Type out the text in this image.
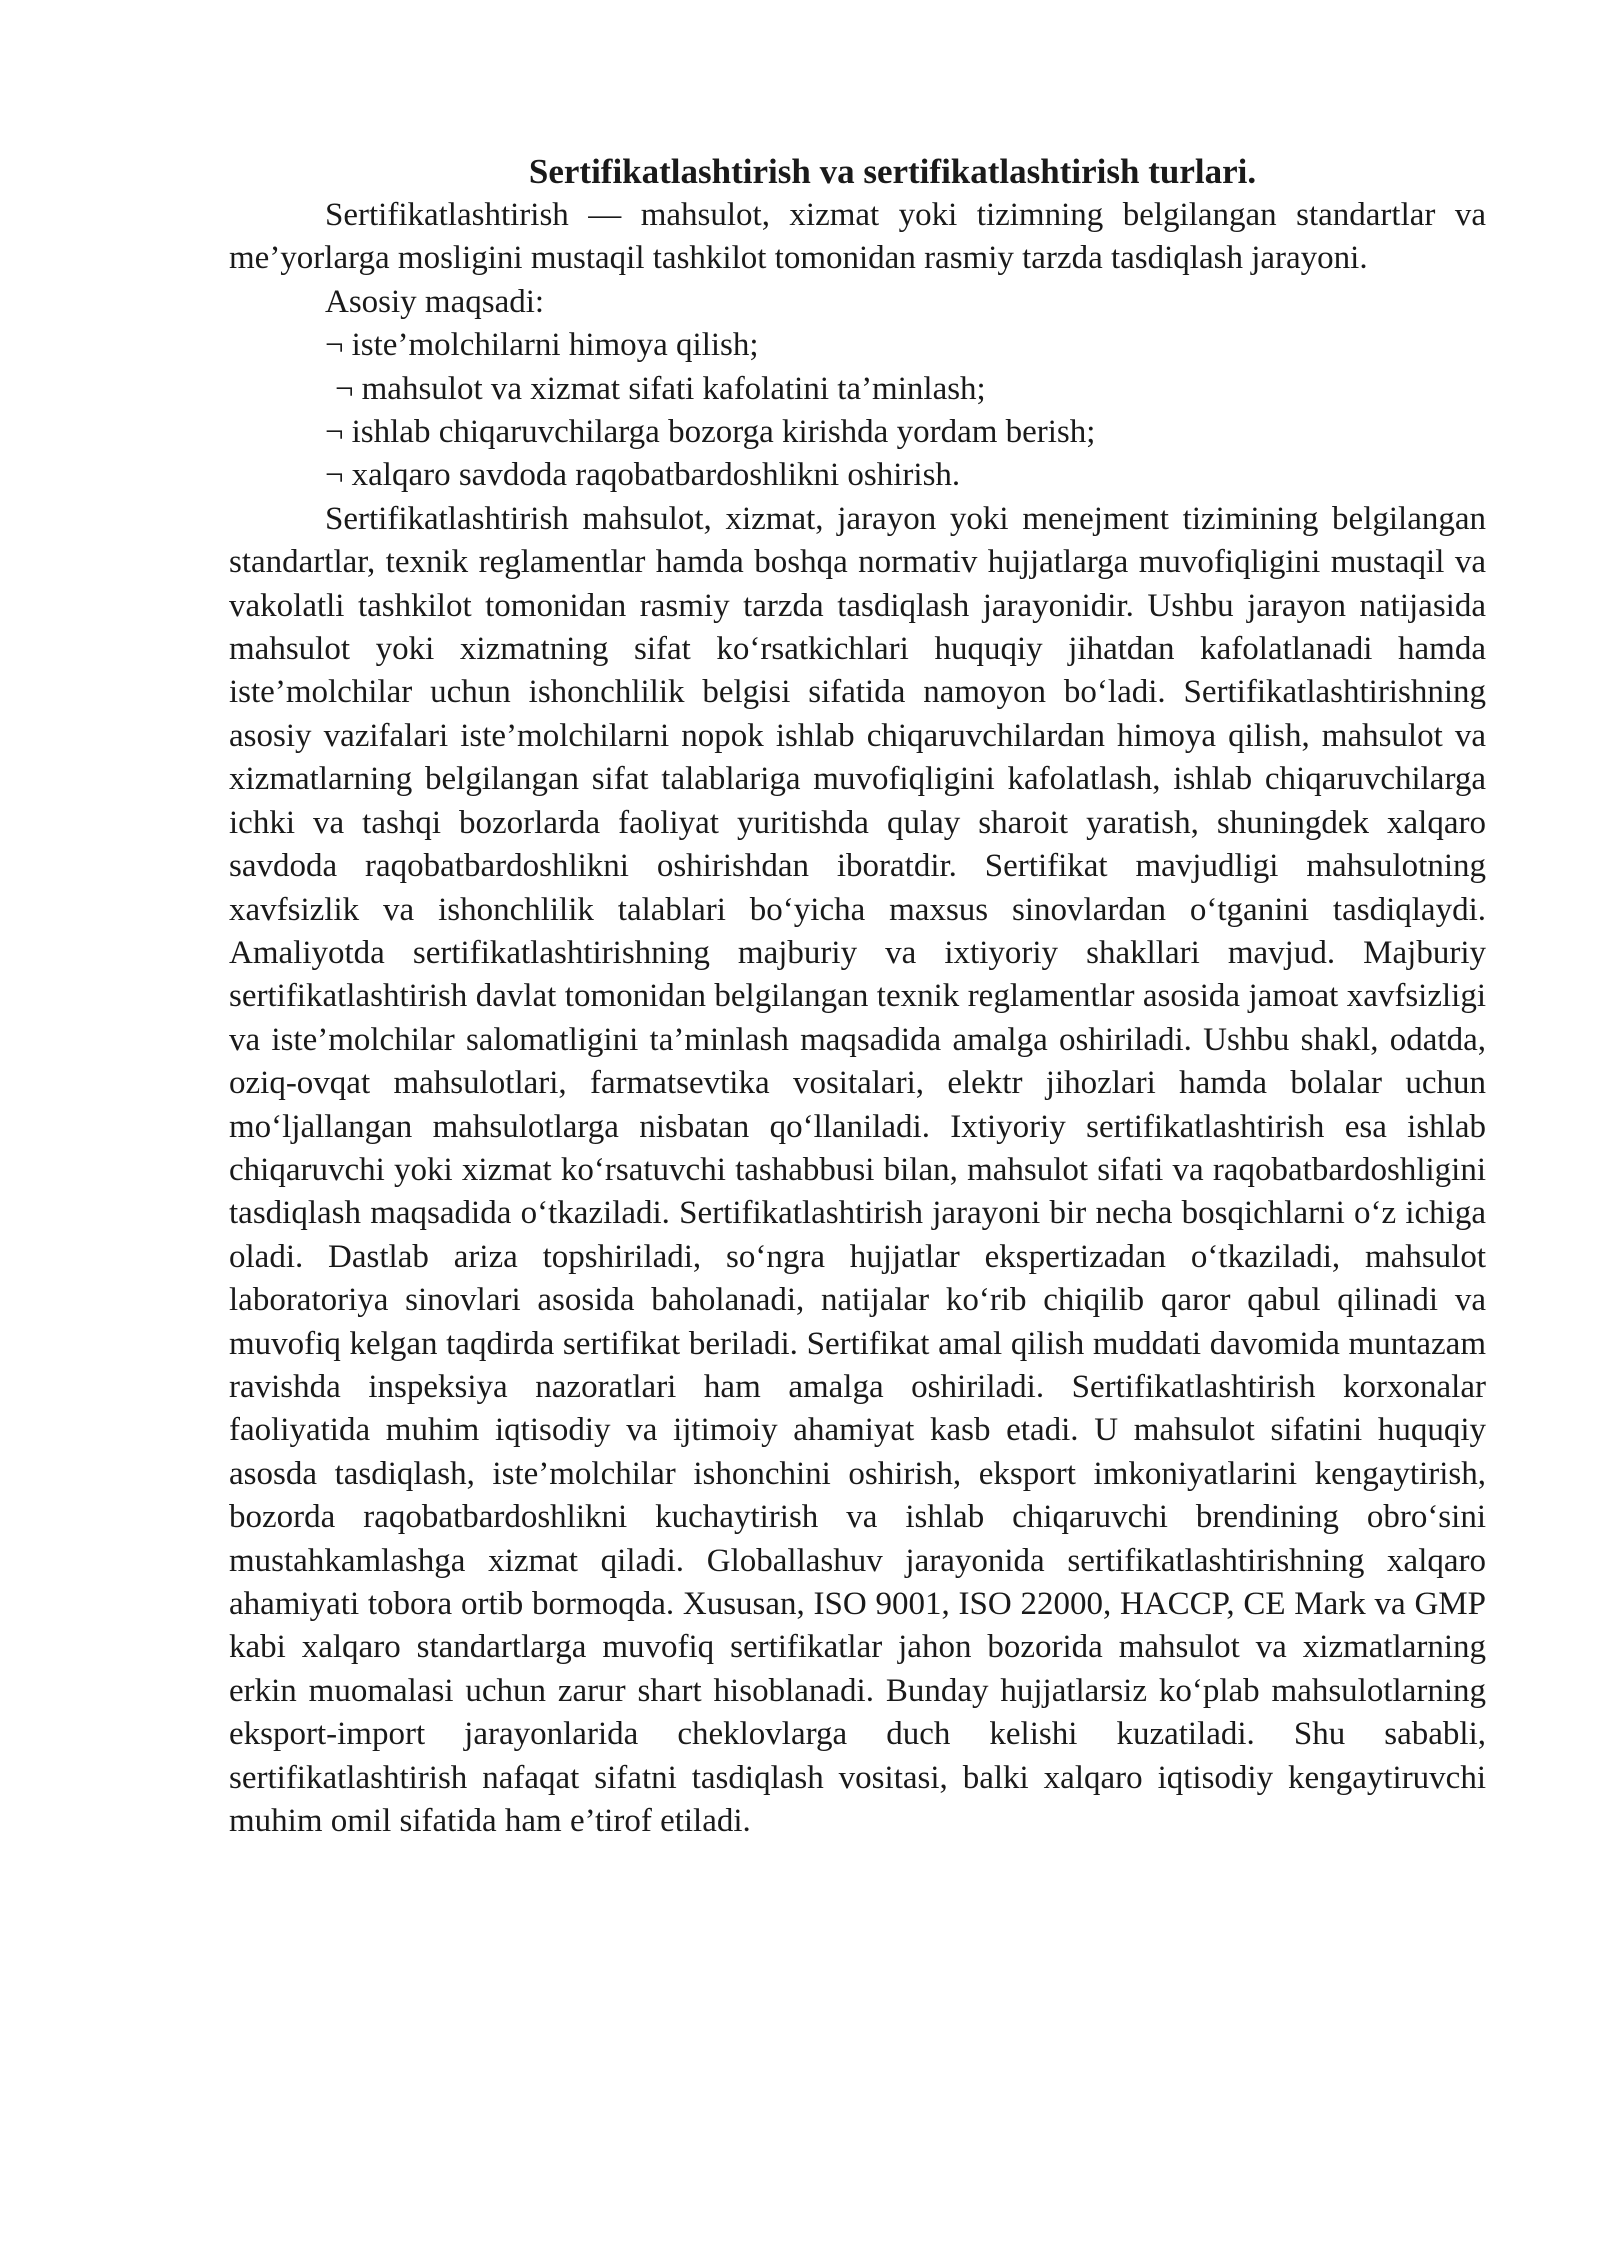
Sertifikatlashtirish va sertifikatlashtirish turlari.

Sertifikatlashtirish — mahsulot, xizmat yoki tizimning belgilangan standartlar va me’yorlarga mosligini mustaqil tashkilot tomonidan rasmiy tarzda tasdiqlash jarayoni.

Asosiy maqsadi:

¬ iste’molchilarni himoya qilish;
¬ mahsulot va xizmat sifati kafolatini ta’minlash;
¬ ishlab chiqaruvchilarga bozorga kirishda yordam berish;
¬ xalqaro savdoda raqobatbardoshlikni oshirish.

Sertifikatlashtirish mahsulot, xizmat, jarayon yoki menejment tizimining belgilangan standartlar, texnik reglamentlar hamda boshqa normativ hujjatlarga muvofiqligini mustaqil va vakolatli tashkilot tomonidan rasmiy tarzda tasdiqlash jarayonidir. Ushbu jarayon natijasida mahsulot yoki xizmatning sifat ko‘rsatkichlari huquqiy jihatdan kafolatlanadi hamda iste’molchilar uchun ishonchlilik belgisi sifatida namoyon bo‘ladi. Sertifikatlashtirishning asosiy vazifalari iste’molchilarni nopok ishlab chiqaruvchilardan himoya qilish, mahsulot va xizmatlarning belgilangan sifat talablariga muvofiqligini kafolatlash, ishlab chiqaruvchilarga ichki va tashqi bozorlarda faoliyat yuritishda qulay sharoit yaratish, shuningdek xalqaro savdoda raqobatbardoshlikni oshirishdan iboratdir. Sertifikat mavjudligi mahsulotning xavfsizlik va ishonchlilik talablari bo‘yicha maxsus sinovlardan o‘tganini tasdiqlaydi. Amaliyotda sertifikatlashtirishning majburiy va ixtiyoriy shakllari mavjud. Majburiy sertifikatlashtirish davlat tomonidan belgilangan texnik reglamentlar asosida jamoat xavfsizligi va iste’molchilar salomatligini ta’minlash maqsadida amalga oshiriladi. Ushbu shakl, odatda, oziq-ovqat mahsulotlari, farmatsevtika vositalari, elektr jihozlari hamda bolalar uchun mo‘ljallangan mahsulotlarga nisbatan qo‘llaniladi. Ixtiyoriy sertifikatlashtirish esa ishlab chiqaruvchi yoki xizmat ko‘rsatuvchi tashabbusi bilan, mahsulot sifati va raqobatbardoshligini tasdiqlash maqsadida o‘tkaziladi. Sertifikatlashtirish jarayoni bir necha bosqichlarni o‘z ichiga oladi. Dastlab ariza topshiriladi, so‘ngra hujjatlar ekspertizadan o‘tkaziladi, mahsulot laboratoriya sinovlari asosida baholanadi, natijalar ko‘rib chiqilib qaror qabul qilinadi va muvofiq kelgan taqdirda sertifikat beriladi. Sertifikat amal qilish muddati davomida muntazam ravishda inspeksiya nazoratlari ham amalga oshiriladi. Sertifikatlashtirish korxonalar faoliyatida muhim iqtisodiy va ijtimoiy ahamiyat kasb etadi. U mahsulot sifatini huquqiy asosda tasdiqlash, iste’molchilar ishonchini oshirish, eksport imkoniyatlarini kengaytirish, bozorda raqobatbardoshlikni kuchaytirish va ishlab chiqaruvchi brendining obro‘sini mustahkamlashga xizmat qiladi. Globallashuv jarayonida sertifikatlashtirishning xalqaro ahamiyati tobora ortib bormoqda. Xususan, ISO 9001, ISO 22000, HACCP, CE Mark va GMP kabi xalqaro standartlarga muvofiq sertifikatlar jahon bozorida mahsulot va xizmatlarning erkin muomalasi uchun zarur shart hisoblanadi. Bunday hujjatlarsiz ko‘plab mahsulotlarning eksport-import jarayonlarida cheklovlarga duch kelishi kuzatiladi. Shu sababli, sertifikatlashtirish nafaqat sifatni tasdiqlash vositasi, balki xalqaro iqtisodiy kengaytiruvchi muhim omil sifatida ham e’tirof etiladi.
